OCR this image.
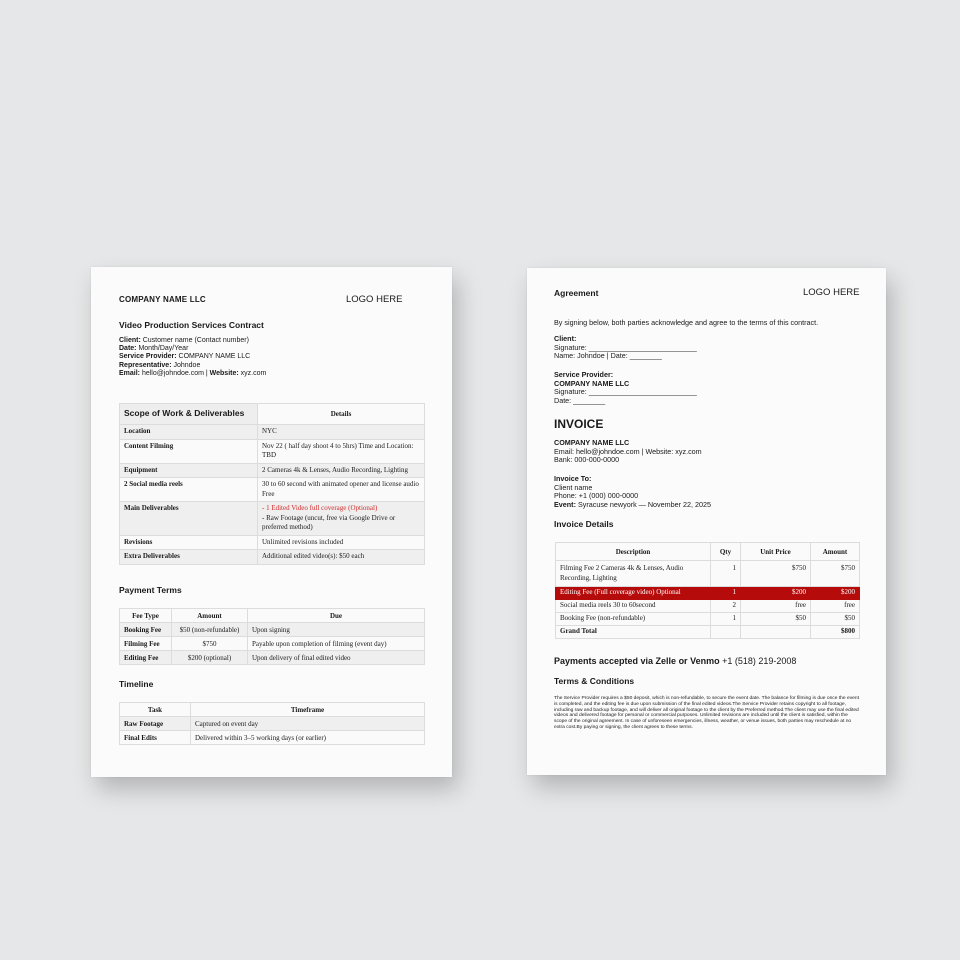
COMPANY NAME LLC	LOGO HERE
Video Production Services Contract
Client: Customer name (Contact number)
Date: Month/Day/Year
Service Provider: COMPANY NAME LLC
Representative: Johndoe
Email: hello@johndoe.com | Website: xyz.com
Scope of Work & Deliverables	Details
Location	NYC
Content Filming	Nov 22 ( half day shoot 4 to 5hrs) Time and Location: TBD
Equipment	2 Cameras 4k & Lenses, Audio Recording, Lighting
2 Social media reels	30 to 60 second with animated opener and license audio Free
Main Deliverables	- 1 Edited Video full coverage (Optional)
- Raw Footage (uncut, free via Google Drive or preferred method)

Revisions	Unlimited revisions included
Extra Deliverables	Additional edited video(s): $50 each
Payment Terms
Fee Type	Amount	Due
Booking Fee	$50 (non-refundable)	Upon signing
Filming Fee	$750	Payable upon completion of filming (event day)
Editing Fee	$200 (optional)	Upon delivery of final edited video
Timeline
Task	Timeframe
Raw Footage	Captured on event day
Final Edits	Delivered within 3–5 working days (or earlier)
Agreement	LOGO HERE
By signing below, both parties acknowledge and agree to the terms of this contract.
Client:
Signature: ___________________________
Name: Johndoe | Date: ________
Service Provider:
COMPANY NAME LLC
Signature: ___________________________
Date: ________
INVOICE
COMPANY NAME LLC
Email: hello@johndoe.com | Website: xyz.com
Bank: 000-000-0000
Invoice To:
Client name
Phone: +1 (000) 000-0000
Event: Syracuse newyork — November 22, 2025
Invoice Details
Description	Qty	Unit Price	Amount
Filming Fee 2 Cameras 4k & Lenses, Audio Recording, Lighting	1	$750	$750
Editing Fee (Full coverage video) Optional	1	$200	$200
Social media reels 30 to 60second	2	free	free
Booking Fee (non-refundable)	1	$50	$50
Grand Total			$800
Payments accepted via Zelle or Venmo +1 (518) 219-2008
Terms & Conditions
The Service Provider requires a $50 deposit, which is non-refundable, to secure the event date. The balance for filming is due once the event is completed, and the editing fee is due upon submission of the final edited videos.The Service Provider retains copyright to all footage, including raw and backup footage, and will deliver all original footage to the client by the Preferred method.The client may use the final edited videos and delivered footage for personal or commercial purposes. Unlimited revisions are included until the client is satisfied, within the scope of the original agreement. In case of unforeseen emergencies, illness, weather, or venue issues, both parties may reschedule at no extra cost.By paying or signing, the client agrees to these terms.
